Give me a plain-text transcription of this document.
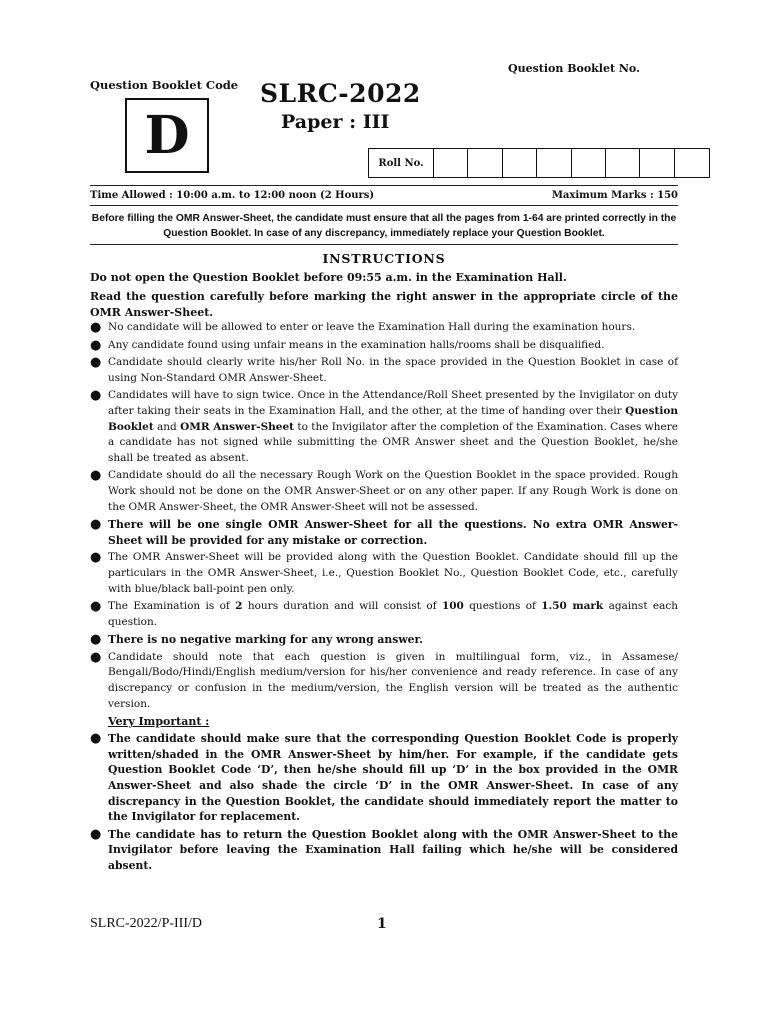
Question Booklet No.
Question Booklet Code SLRC-2022
Paper : III
D	Roll No.
Time Allowed : 10:00 a.m. to 12:00 noon (2 Hours)	Maximum Marks : 150
Before filling the OMR Answer-Sheet, the candidate must ensure that all the pages from 1-64 are printed correctly in the Question Booklet. In case of any discrepancy, immediately replace your Question Booklet.
INSTRUCTIONS
Do not open the Question Booklet before 09:55 a.m. in the Examination Hall.
Read the question carefully before marking the right answer in the appropriate circle of the OMR Answer-Sheet.
● No candidate will be allowed to enter or leave the Examination Hall during the examination hours.
● Any candidate found using unfair means in the examination halls/rooms shall be disqualified.
● Candidate should clearly write his/her Roll No. in the space provided in the Question Booklet in case of using Non-Standard OMR Answer-Sheet.
● Candidates will have to sign twice. Once in the Attendance/Roll Sheet presented by the Invigilator on duty after taking their seats in the Examination Hall, and the other, at the time of handing over their Question Booklet and OMR Answer-Sheet to the Invigilator after the completion of the Examination. Cases where a candidate has not signed while submitting the OMR Answer sheet and the Question Booklet, he/she shall be treated as absent.
● Candidate should do all the necessary Rough Work on the Question Booklet in the space provided. Rough Work should not be done on the OMR Answer-Sheet or on any other paper. If any Rough Work is done on the OMR Answer-Sheet, the OMR Answer-Sheet will not be assessed.
● There will be one single OMR Answer-Sheet for all the questions. No extra OMR Answer-Sheet will be provided for any mistake or correction.
● The OMR Answer-Sheet will be provided along with the Question Booklet. Candidate should fill up the particulars in the OMR Answer-Sheet, i.e., Question Booklet No., Question Booklet Code, etc., carefully with blue/black ball-point pen only.
● The Examination is of 2 hours duration and will consist of 100 questions of 1.50 mark against each question.
● There is no negative marking for any wrong answer.
● Candidate should note that each question is given in multilingual form, viz., in Assamese/ Bengali/Bodo/Hindi/English medium/version for his/her convenience and ready reference. In case of any discrepancy or confusion in the medium/version, the English version will be treated as the authentic version.
Very Important :
● The candidate should make sure that the corresponding Question Booklet Code is properly written/shaded in the OMR Answer-Sheet by him/her. For example, if the candidate gets Question Booklet Code ‘D’, then he/she should fill up ‘D’ in the box provided in the OMR Answer-Sheet and also shade the circle ‘D’ in the OMR Answer-Sheet. In case of any discrepancy in the Question Booklet, the candidate should immediately report the matter to the Invigilator for replacement.
● The candidate has to return the Question Booklet along with the OMR Answer-Sheet to the Invigilator before leaving the Examination Hall failing which he/she will be considered absent.
SLRC-2022/P-III/D	1
